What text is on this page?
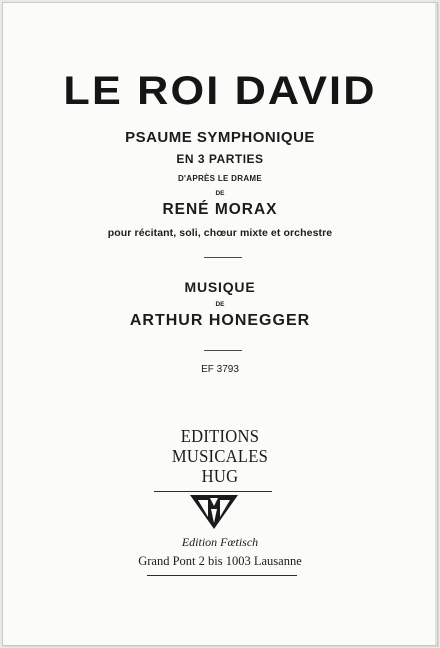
LE ROI DAVID
PSAUME SYMPHONIQUE
EN 3 PARTIES
D'APRÈS LE DRAME
DE
RENÉ MORAX
pour récitant, soli, chœur mixte et orchestre
MUSIQUE
DE
ARTHUR HONEGGER
EF 3793
EDITIONS
MUSICALES
HUG
Edition Fœtisch
Grand Pont 2 bis 1003 Lausanne
